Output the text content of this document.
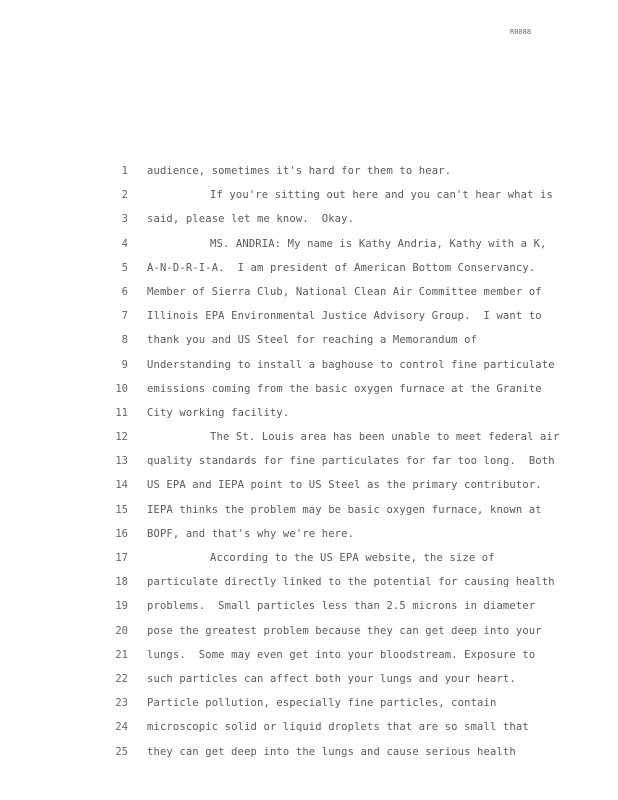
R0088
1 audience, sometimes it's hard for them to hear.
2	If you're sitting out here and you can't hear what is
3 said, please let me know.  Okay.
4	MS. ANDRIA: My name is Kathy Andria, Kathy with a K,
5 A-N-D-R-I-A.  I am president of American Bottom Conservancy.
6 Member of Sierra Club, National Clean Air Committee member of
7 Illinois EPA Environmental Justice Advisory Group.  I want to
8 thank you and US Steel for reaching a Memorandum of
9 Understanding to install a baghouse to control fine particulate
10 emissions coming from the basic oxygen furnace at the Granite
11 City working facility.
12	The St. Louis area has been unable to meet federal air
13 quality standards for fine particulates for far too long.  Both
14 US EPA and IEPA point to US Steel as the primary contributor.
15 IEPA thinks the problem may be basic oxygen furnace, known at
16 BOPF, and that's why we're here.
17	According to the US EPA website, the size of
18 particulate directly linked to the potential for causing health
19 problems.  Small particles less than 2.5 microns in diameter
20 pose the greatest problem because they can get deep into your
21 lungs.  Some may even get into your bloodstream. Exposure to
22 such particles can affect both your lungs and your heart.
23 Particle pollution, especially fine particles, contain
24 microscopic solid or liquid droplets that are so small that
25 they can get deep into the lungs and cause serious health
